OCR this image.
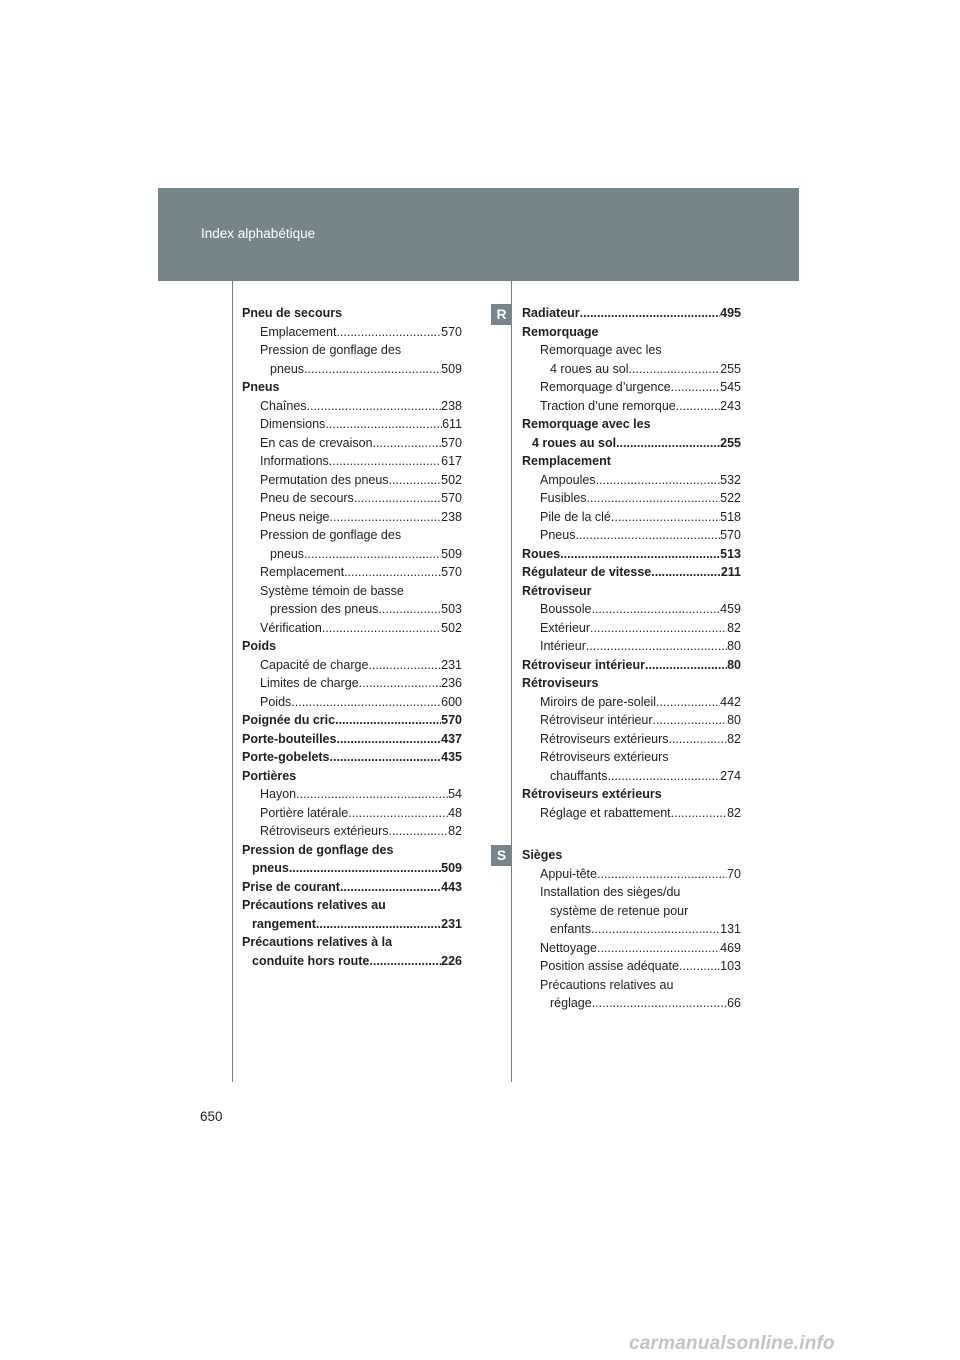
Index alphabétique
Pneu de secours
Emplacement .....	570
Pression de gonflage des
pneus .....	509
Pneus
Chaînes .....	238
Dimensions .....	611
En cas de crevaison .....	570
Informations .....	617
Permutation des pneus .....	502
Pneu de secours .....	570
Pneus neige .....	238
Pression de gonflage des
pneus .....	509
Remplacement .....	570
Système témoin de basse
pression des pneus .....	503
Vérification .....	502
Poids
Capacité de charge .....	231
Limites de charge .....	236
Poids .....	600
Poignée du cric .....	570
Porte-bouteilles .....	437
Porte-gobelets .....	435
Portières
Hayon .....	54
Portière latérale .....	48
Rétroviseurs extérieurs .....	82
Pression de gonflage des
pneus .....	509
Prise de courant .....	443
Précautions relatives au
rangement .....	231
Précautions relatives à la
conduite hors route .....	226
R	Radiateur .....	495
Remorquage
Remorquage avec les
4 roues au sol .....	255
Remorquage d’urgence .....	545
Traction d’une remorque .....	243
Remorquage avec les
4 roues au sol .....	255
Remplacement
Ampoules .....	532
Fusibles .....	522
Pile de la clé .....	518
Pneus .....	570
Roues .....	513
Régulateur de vitesse .....	211
Rétroviseur
Boussole .....	459
Extérieur .....	82
Intérieur .....	80
Rétroviseur intérieur .....	80
Rétroviseurs
Miroirs de pare-soleil .....	442
Rétroviseur intérieur .....	80
Rétroviseurs extérieurs .....	82
Rétroviseurs extérieurs
chauffants .....	274
Rétroviseurs extérieurs
Réglage et rabattement .....	82
S	Sièges
Appui-tête .....	70
Installation des sièges/du
système de retenue pour
enfants .....	131
Nettoyage .....	469
Position assise adéquate .....	103
Précautions relatives au
réglage .....	66
650
carmanualsonline.info
